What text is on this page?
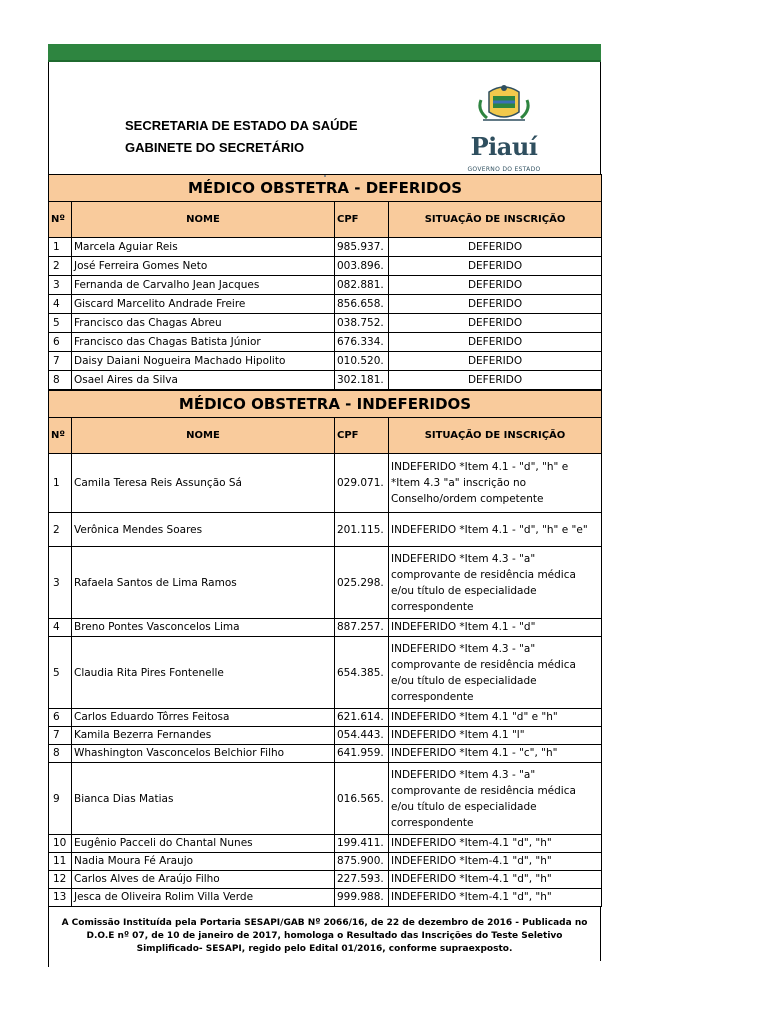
SECRETARIA DE ESTADO DA SAÚDE
GABINETE DO SECRETÁRIO	Piauí
GOVERNO DO ESTADO
MÉDICO OBSTETRA - DEFERIDOS			
Nº	NOME	CPF	SITUAÇÃO DE INSCRIÇÃO
1	Marcela Aguiar Reis	985.937.	DEFERIDO
2	José Ferreira Gomes Neto	003.896.	DEFERIDO
3	Fernanda de Carvalho Jean Jacques	082.881.	DEFERIDO
4	Giscard Marcelito Andrade Freire	856.658.	DEFERIDO
5	Francisco das Chagas Abreu	038.752.	DEFERIDO
6	Francisco das Chagas Batista Júnior	676.334.	DEFERIDO
7	Daisy Daiani Nogueira Machado Hipolito	010.520.	DEFERIDO
8	Osael Aires da Silva	302.181.	DEFERIDO
MÉDICO OBSTETRA - INDEFERIDOS			
Nº	NOME	CPF	SITUAÇÃO DE INSCRIÇÃO
1	Camila Teresa Reis Assunção Sá	029.071.	INDEFERIDO *Item 4.1 - "d", "h" e *Item 4.3 "a" inscrição no Conselho/ordem competente
2	Verônica Mendes Soares	201.115.	INDEFERIDO *Item 4.1 - "d", "h" e "e"
3	Rafaela Santos de Lima Ramos	025.298.	INDEFERIDO *Item 4.3 - "a" comprovante de residência médica e/ou título de especialidade correspondente
4	Breno Pontes Vasconcelos Lima	887.257.	INDEFERIDO *Item 4.1 - "d"
5	Claudia Rita Pires Fontenelle	654.385.	INDEFERIDO *Item 4.3 - "a" comprovante de residência médica e/ou título de especialidade correspondente
6	Carlos Eduardo Tôrres Feitosa	621.614.	INDEFERIDO *Item 4.1 "d" e "h"
7	Kamila Bezerra Fernandes	054.443.	INDEFERIDO *Item 4.1 "l"
8	Whashington Vasconcelos Belchior Filho	641.959.	INDEFERIDO *Item 4.1 - "c", "h"
9	Bianca Dias Matias	016.565.	INDEFERIDO *Item 4.3 - "a" comprovante de residência médica e/ou título de especialidade correspondente
10	Eugênio Pacceli do Chantal Nunes	199.411.	INDEFERIDO *Item-4.1 "d", "h"
11	Nadia Moura Fé Araujo	875.900.	INDEFERIDO *Item-4.1 "d", "h"
12	Carlos Alves de Araújo Filho	227.593.	INDEFERIDO *Item-4.1 "d", "h"
13	Jesca de Oliveira Rolim Villa Verde	999.988.	INDEFERIDO *Item-4.1 "d", "h"
A Comissão Instituída pela Portaria SESAPI/GAB Nº 2066/16, de 22 de dezembro de 2016 - Publicada no D.O.E nº 07, de 10 de janeiro de 2017, homologa o Resultado das Inscrições do Teste Seletivo Simplificado- SESAPI, regido pelo Edital 01/2016, conforme supraexposto.
